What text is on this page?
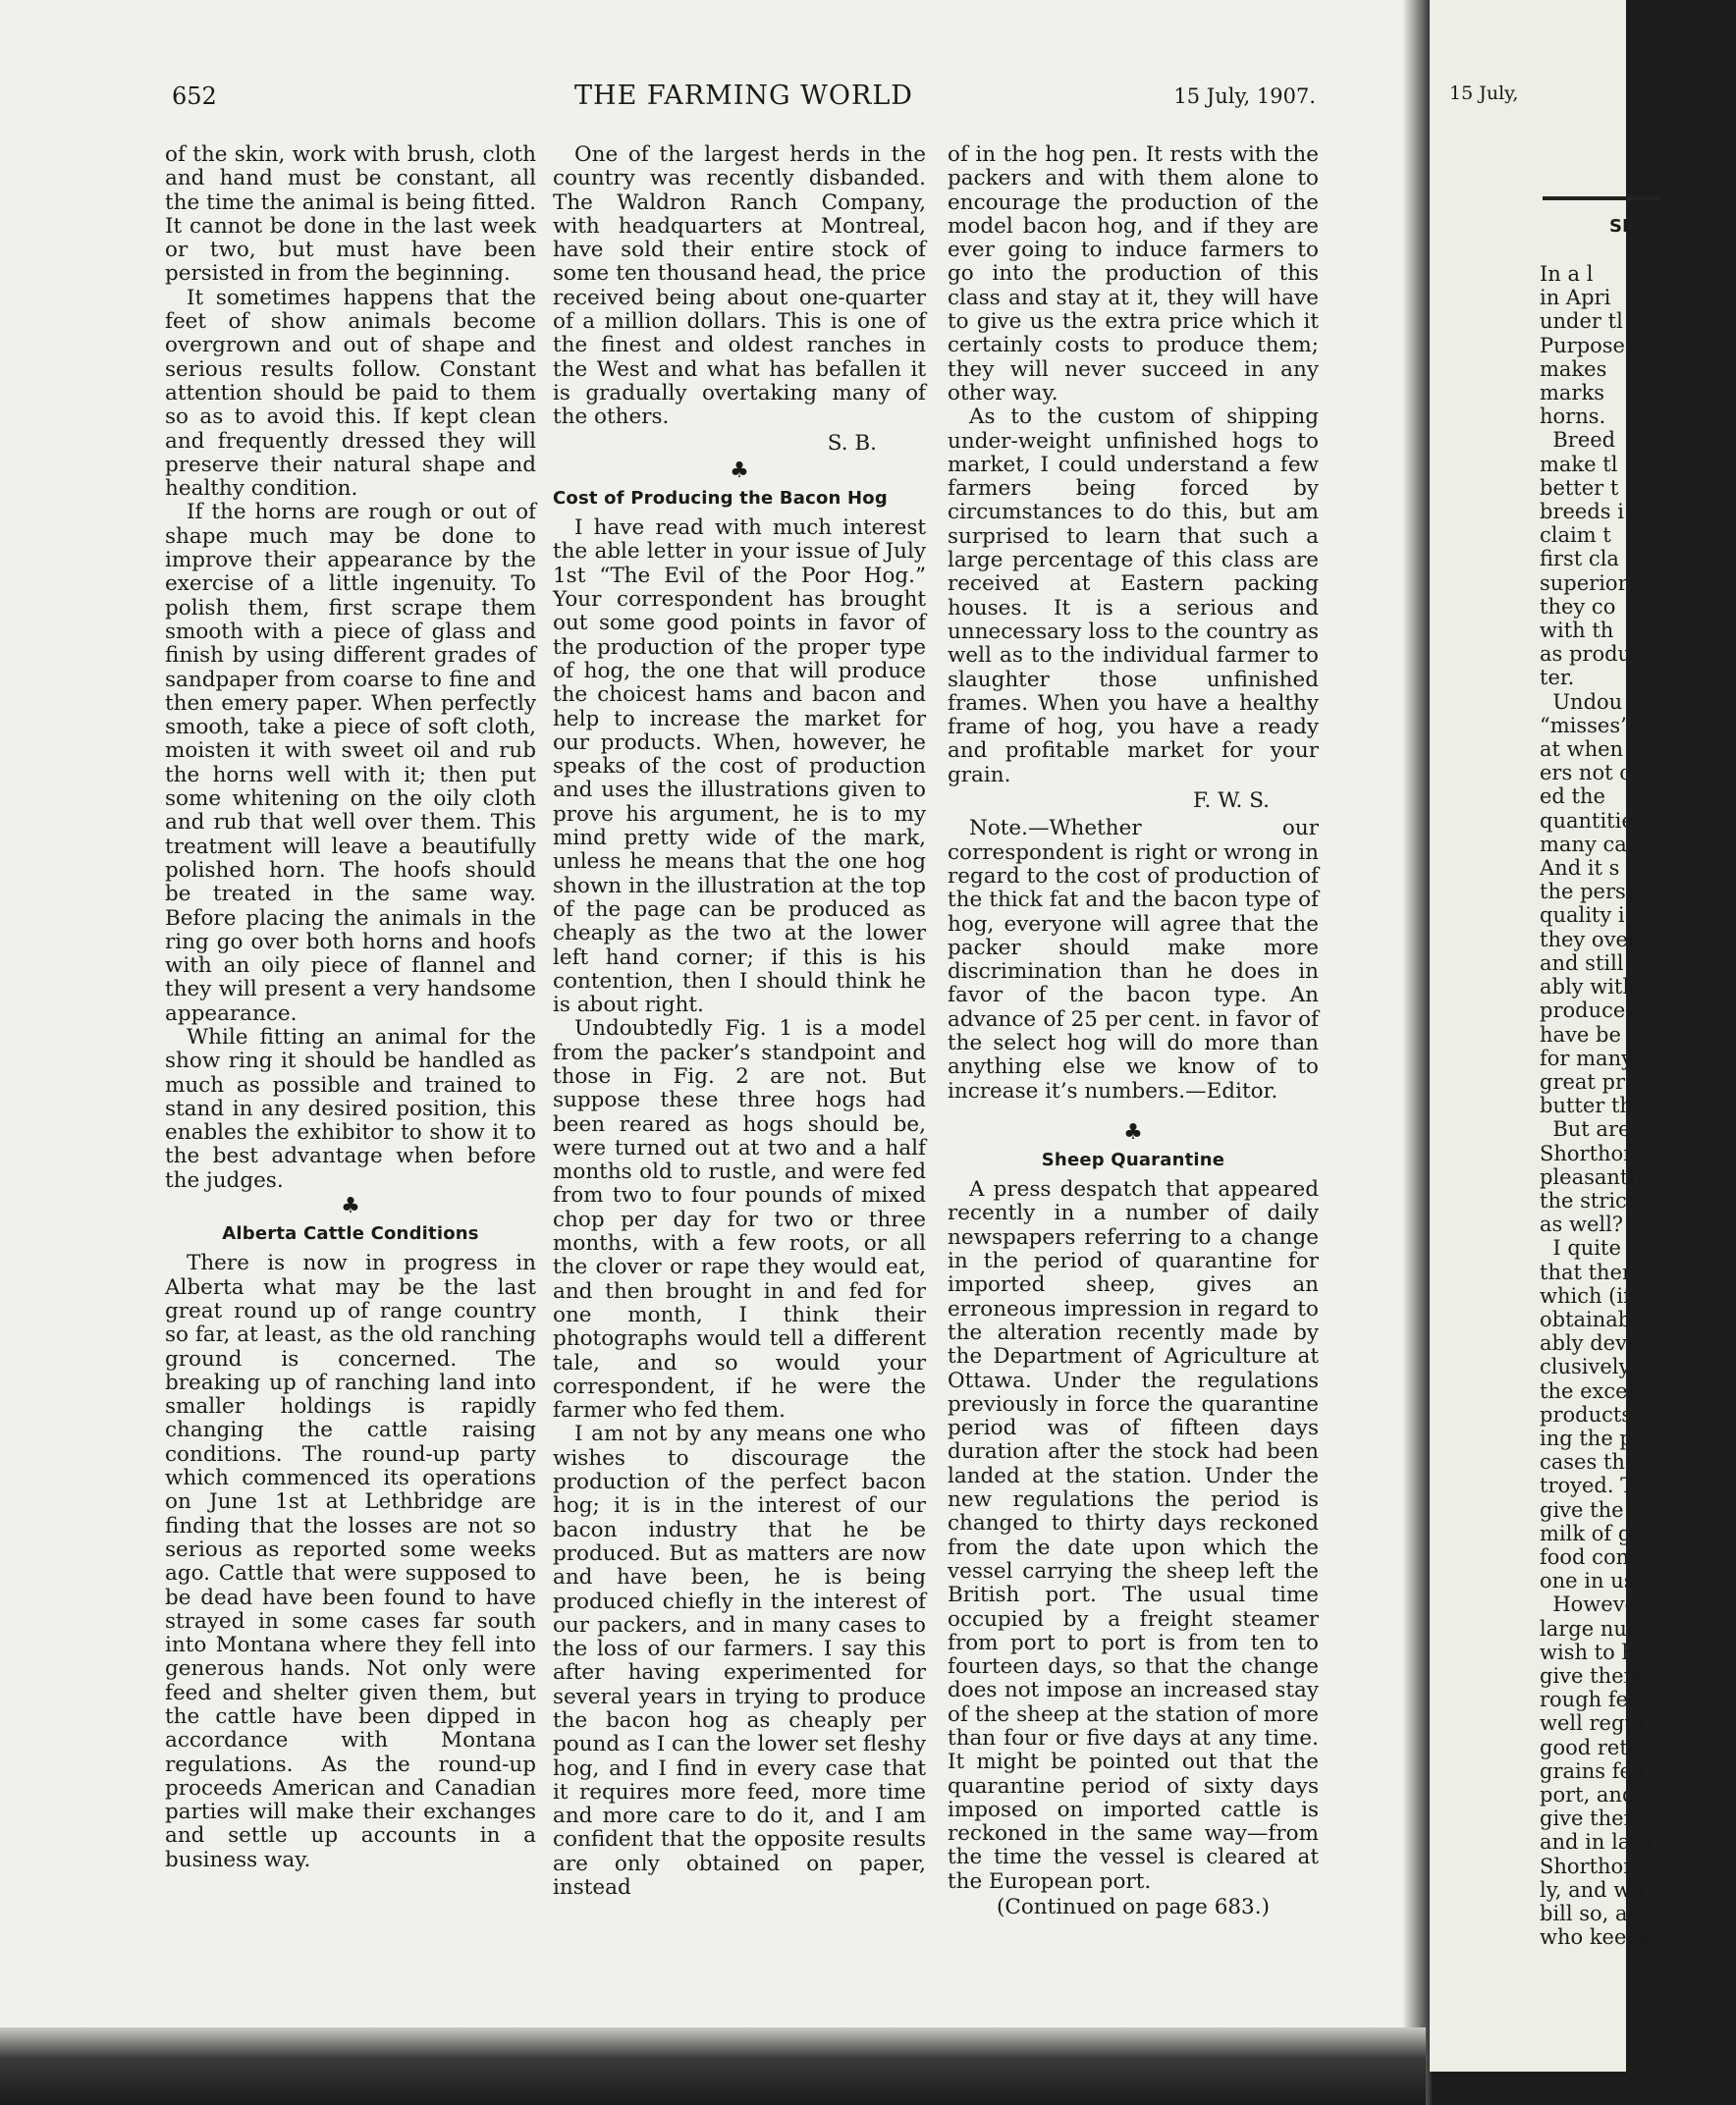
652	THE FARMING WORLD	15 July, 1907.

of the skin, work with brush, cloth and hand must be constant, all the time the animal is being fitted. It cannot be done in the last week or two, but must have been persisted in from the beginning.

It sometimes happens that the feet of show animals become overgrown and out of shape and serious results follow. Constant attention should be paid to them so as to avoid this. If kept clean and frequently dressed they will preserve their natural shape and healthy condition.

If the horns are rough or out of shape much may be done to improve their appearance by the exercise of a little ingenuity. To polish them, first scrape them smooth with a piece of glass and finish by using different grades of sandpaper from coarse to fine and then emery paper. When perfectly smooth, take a piece of soft cloth, moisten it with sweet oil and rub the horns well with it; then put some whitening on the oily cloth and rub that well over them. This treatment will leave a beautifully polished horn. The hoofs should be treated in the same way. Before placing the animals in the ring go over both horns and hoofs with an oily piece of flannel and they will present a very handsome appearance.

While fitting an animal for the show ring it should be handled as much as possible and trained to stand in any desired position, this enables the exhibitor to show it to the best advantage when before the judges.

♣
Alberta Cattle Conditions

There is now in progress in Alberta what may be the last great round up of range country so far, at least, as the old ranching ground is concerned. The breaking up of ranching land into smaller holdings is rapidly changing the cattle raising conditions. The round-up party which commenced its operations on June 1st at Lethbridge are finding that the losses are not so serious as reported some weeks ago. Cattle that were supposed to be dead have been found to have strayed in some cases far south into Montana where they fell into generous hands. Not only were feed and shelter given them, but the cattle have been dipped in accordance with Montana regulations. As the round-up proceeds American and Canadian parties will make their exchanges and settle up accounts in a business way.

One of the largest herds in the country was recently disbanded. The Waldron Ranch Company, with headquarters at Montreal, have sold their entire stock of some ten thousand head, the price received being about one-quarter of a million dollars. This is one of the finest and oldest ranches in the West and what has befallen it is gradually overtaking many of the others.

S. B.
♣
Cost of Producing the Bacon Hog

I have read with much interest the able letter in your issue of July 1st “The Evil of the Poor Hog.” Your correspondent has brought out some good points in favor of the production of the proper type of hog, the one that will produce the choicest hams and bacon and help to increase the market for our products. When, however, he speaks of the cost of production and uses the illustrations given to prove his argument, he is to my mind pretty wide of the mark, unless he means that the one hog shown in the illustration at the top of the page can be produced as cheaply as the two at the lower left hand corner; if this is his contention, then I should think he is about right.

Undoubtedly Fig. 1 is a model from the packer’s standpoint and those in Fig. 2 are not. But suppose these three hogs had been reared as hogs should be, were turned out at two and a half months old to rustle, and were fed from two to four pounds of mixed chop per day for two or three months, with a few roots, or all the clover or rape they would eat, and then brought in and fed for one month, I think their photographs would tell a different tale, and so would your correspondent, if he were the farmer who fed them.

I am not by any means one who wishes to discourage the production of the perfect bacon hog; it is in the interest of our bacon industry that he be produced. But as matters are now and have been, he is being produced chiefly in the interest of our packers, and in many cases to the loss of our farmers. I say this after having experimented for several years in trying to produce the bacon hog as cheaply per pound as I can the lower set fleshy hog, and I find in every case that it requires more feed, more time and more care to do it, and I am confident that the opposite results are only obtained on paper, instead

of in the hog pen. It rests with the packers and with them alone to encourage the production of the model bacon hog, and if they are ever going to induce farmers to go into the production of this class and stay at it, they will have to give us the extra price which it certainly costs to produce them; they will never succeed in any other way.

As to the custom of shipping under-weight unfinished hogs to market, I could understand a few farmers being forced by circumstances to do this, but am surprised to learn that such a large percentage of this class are received at Eastern packing houses. It is a serious and unnecessary loss to the country as well as to the individual farmer to slaughter those unfinished frames. When you have a healthy frame of hog, you have a ready and profitable market for your grain.

F. W. S.

Note.—Whether our correspondent is right or wrong in regard to the cost of production of the thick fat and the bacon type of hog, everyone will agree that the packer should make more discrimination than he does in favor of the bacon type. An advance of 25 per cent. in favor of the select hog will do more than anything else we know of to increase it’s numbers.—Editor.

♣
Sheep Quarantine

A press despatch that appeared recently in a number of daily newspapers referring to a change in the period of quarantine for imported sheep, gives an erroneous impression in regard to the alteration recently made by the Department of Agriculture at Ottawa. Under the regulations previously in force the quarantine period was of fifteen days duration after the stock had been landed at the station. Under the new regulations the period is changed to thirty days reckoned from the date upon which the vessel carrying the sheep left the British port. The usual time occupied by a freight steamer from port to port is from ten to fourteen days, so that the change does not impose an increased stay of the sheep at the station of more than four or five days at any time. It might be pointed out that the quarantine period of sixty days imposed on imported cattle is reckoned in the same way—from the time the vessel is cleared at the European port.

(Continued on page 683.)
15 July,
SI
In a l
in Apri
under tl
Purpose
makes
marks
horns.
Breed
make tl
better t
breeds i
claim t
first cla
superior
they co
with th
as produ
ter.
Undou
“misses”
at when
ers not c
ed the
quantitie
many cas
And it s
the persi
quality i
they over
and still
ably with
producers
have be
for many
great pro
butter th
But are
Shorthor
pleasantly
the strictl
as well?
I quite
that ther
which (if
obtainable
ably deve
clusively,
the excelle
products
ing the pa
cases the
troyed. T
give the
milk of g
food cons
one in use.
However
large num
wish to h
give them
rough feed
well regul
good retu
grains fed
port, and a
give them
and in larg
Shorthorn
ly, and wit
bill so, ac
who keeps
